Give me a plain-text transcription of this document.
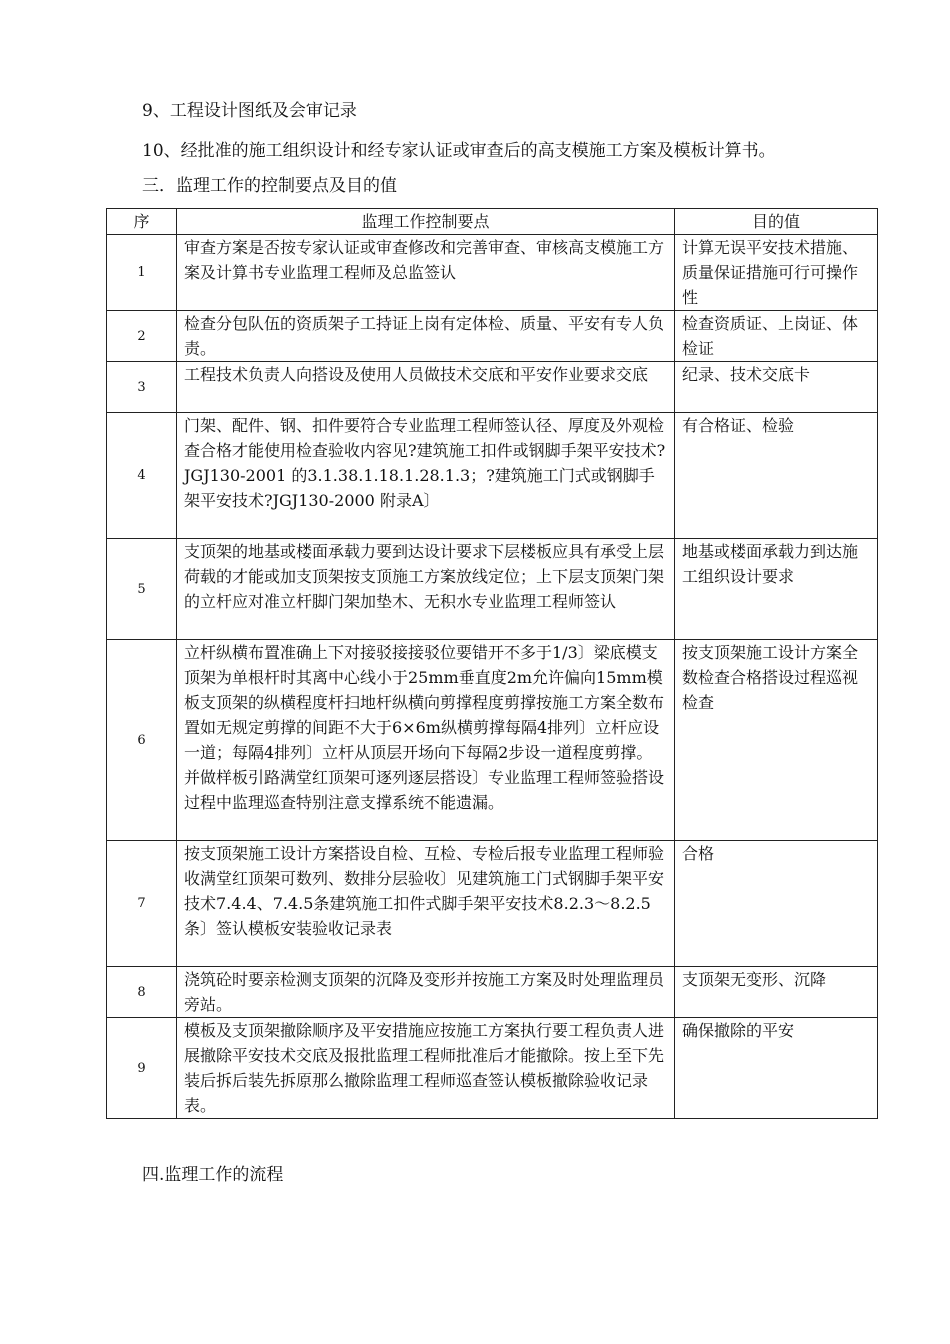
9、工程设计图纸及会审记录
10、经批准的施工组织设计和经专家认证或审查后的高支模施工方案及模板计算书。
三．监理工作的控制要点及目的值
序	监理工作控制要点	目的值
1	审查方案是否按专家认证或审查修改和完善审查、审核高支模施工方案及计算书专业监理工程师及总监签认	计算无误平安技术措施、质量保证措施可行可操作性
2	检查分包队伍的资质架子工持证上岗有定体检、质量、平安有专人负责。	检查资质证、上岗证、体检证
3	工程技术负责人向搭设及使用人员做技术交底和平安作业要求交底	纪录、技术交底卡
4	门架、配件、钢、扣件要符合专业监理工程师签认径、厚度及外观检查合格才能使用检查验收内容见?建筑施工扣件或钢脚手架平安技术?JGJ130-2001 的3.1.38.1.18.1.28.1.3；?建筑施工门式或钢脚手架平安技术?JGJ130-2000 附录A〕	有合格证、检验
5	支顶架的地基或楼面承载力要到达设计要求下层楼板应具有承受上层荷载的才能或加支顶架按支顶施工方案放线定位；上下层支顶架门架的立杆应对准立杆脚门架加垫木、无积水专业监理工程师签认	地基或楼面承载力到达施工组织设计要求
6	立杆纵横布置准确上下对接驳接接驳位要错开不多于1/3〕梁底模支顶架为单根杆时其离中心线小于25mm垂直度2m允许偏向15mm模板支顶架的纵横程度杆扫地杆纵横向剪撑程度剪撑按施工方案全数布置如无规定剪撑的间距不大于6×6m纵横剪撑每隔4排列〕立杆应设一道；每隔4排列〕立杆从顶层开场向下每隔2步设一道程度剪撑。并做样板引路满堂红顶架可逐列逐层搭设〕专业监理工程师签验搭设过程中监理巡查特别注意支撑系统不能遗漏。	按支顶架施工设计方案全数检查合格搭设过程巡视检查
7	按支顶架施工设计方案搭设自检、互检、专检后报专业监理工程师验收满堂红顶架可数列、数排分层验收〕见建筑施工门式钢脚手架平安技术7.4.4、7.4.5条建筑施工扣件式脚手架平安技术8.2.3～8.2.5条〕签认模板安装验收记录表	合格
8	浇筑砼时要亲检测支顶架的沉降及变形并按施工方案及时处理监理员旁站。	支顶架无变形、沉降
9	模板及支顶架撤除顺序及平安措施应按施工方案执行要工程负责人进展撤除平安技术交底及报批监理工程师批准后才能撤除。按上至下先装后拆后装先拆原那么撤除监理工程师巡查签认模板撤除验收记录表。	确保撤除的平安
四.监理工作的流程
